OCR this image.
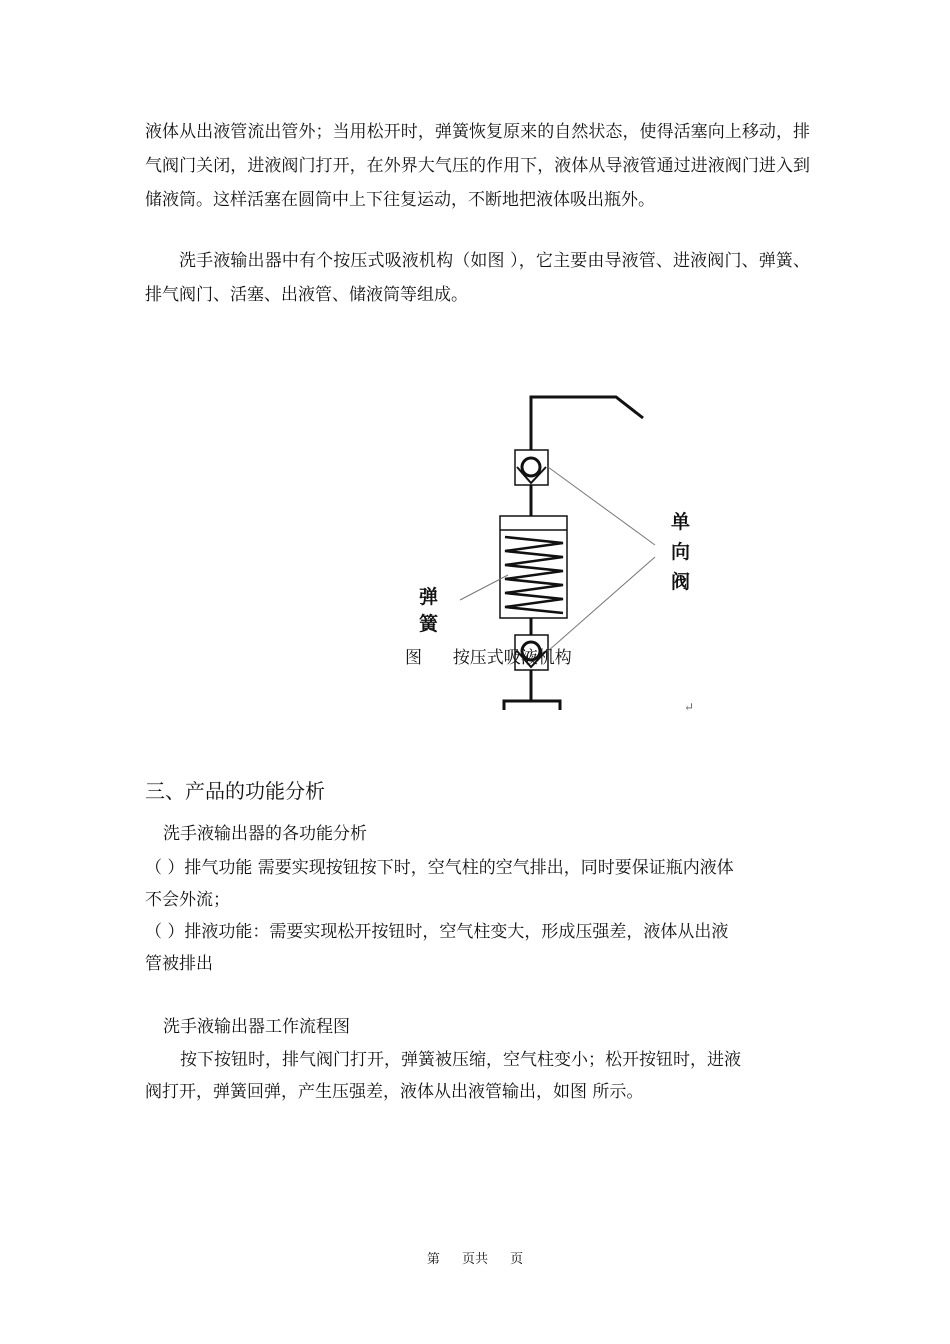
液体从出液管流出管外；当用松开时，弹簧恢复原来的自然状态，使得活塞向上移动，排气阀门关闭，进液阀门打开，在外界大气压的作用下，液体从导液管通过进液阀门进入到储液筒。这样活塞在圆筒中上下往复运动，不断地把液体吸出瓶外。

洗手液输出器中有个按压式吸液机构（如图 ），它主要由导液管、进液阀门、弹簧、排气阀门、活塞、出液管、储液筒等组成。

弹
簧
单
向
阀
图 按压式吸液机构
↵
三、产品的功能分析
洗手液输出器的各功能分析
（ ）排气功能 需要实现按钮按下时，空气柱的空气排出，同时要保证瓶内液体
不会外流；
（ ）排液功能：需要实现松开按钮时，空气柱变大，形成压强差，液体从出液
管被排出
洗手液输出器工作流程图
按下按钮时，排气阀门打开，弹簧被压缩，空气柱变小；松开按钮时，进液
阀打开，弹簧回弹，产生压强差，液体从出液管输出，如图 所示。
第 页共 页
